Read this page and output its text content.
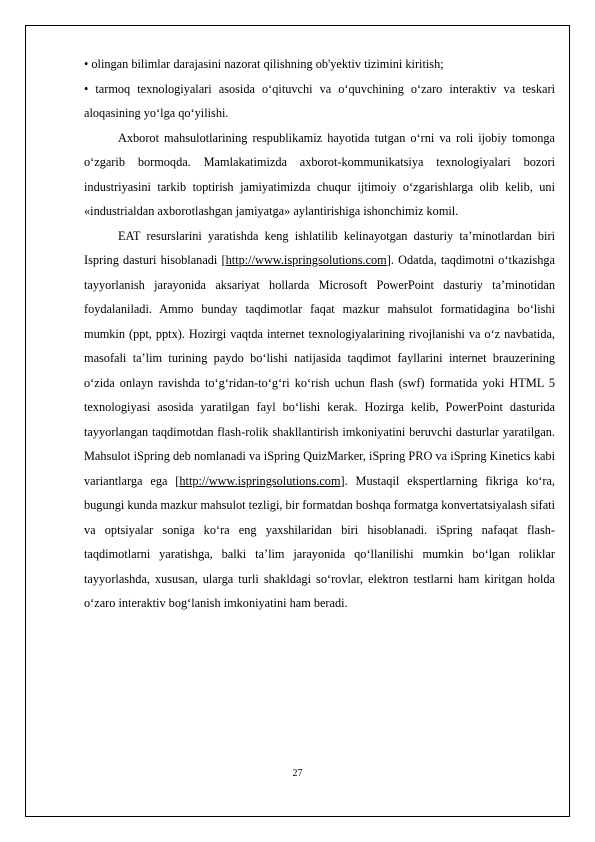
• olingan bilimlar darajasini nazorat qilishning ob'yektiv tizimini kiritish;

• tarmoq texnologiyalari asosida o‘qituvchi va o‘quvchining o‘zaro interaktiv va teskari aloqasining yo‘lga qo‘yilishi.

Axborot mahsulotlarining respublikamiz hayotida tutgan o‘rni va roli ijobiy tomonga o‘zgarib bormoqda. Mamlakatimizda axborot-kommunikatsiya texnologiyalari bozori industriyasini tarkib toptirish jamiyatimizda chuqur ijtimoiy o‘zgarishlarga olib kelib, uni «industrialdan axborotlashgan jamiyatga» aylantirishiga ishonchimiz komil.

EAT resurslarini yaratishda keng ishlatilib kelinayotgan dasturiy ta’minotlardan biri Ispring dasturi hisoblanadi [http://www.ispringsolutions.com]. Odatda, taqdimotni o‘tkazishga tayyorlanish jarayonida aksariyat hollarda Microsoft PowerPoint dasturiy ta’minotidan foydalaniladi. Ammo bunday taqdimotlar faqat mazkur mahsulot formatidagina bo‘lishi mumkin (ppt, pptx). Hozirgi vaqtda internet texnologiyalarining rivojlanishi va o‘z navbatida, masofali ta’lim turining paydo bo‘lishi natijasida taqdimot fayllarini internet brauzerining o‘zida onlayn ravishda to‘g‘ridan-to‘g‘ri ko‘rish uchun flash (swf) formatida yoki HTML 5 texnologiyasi asosida yaratilgan fayl bo‘lishi kerak. Hozirga kelib, PowerPoint dasturida tayyorlangan taqdimotdan flash-rolik shakllantirish imkoniyatini beruvchi dasturlar yaratilgan. Mahsulot iSpring deb nomlanadi va iSpring QuizMarker, iSpring PRO va iSpring Kinetics kabi variantlarga ega [http://www.ispringsolutions.com]. Mustaqil ekspertlarning fikriga ko‘ra, bugungi kunda mazkur mahsulot tezligi, bir formatdan boshqa formatga konvertatsiyalash sifati va optsiyalar soniga ko‘ra eng yaxshilaridan biri hisoblanadi. iSpring nafaqat flash-taqdimotlarni yaratishga, balki ta’lim jarayonida qo‘llanilishi mumkin bo‘lgan roliklar tayyorlashda, xususan, ularga turli shakldagi so‘rovlar, elektron testlarni ham kiritgan holda o‘zaro interaktiv bog‘lanish imkoniyatini ham beradi.

27
